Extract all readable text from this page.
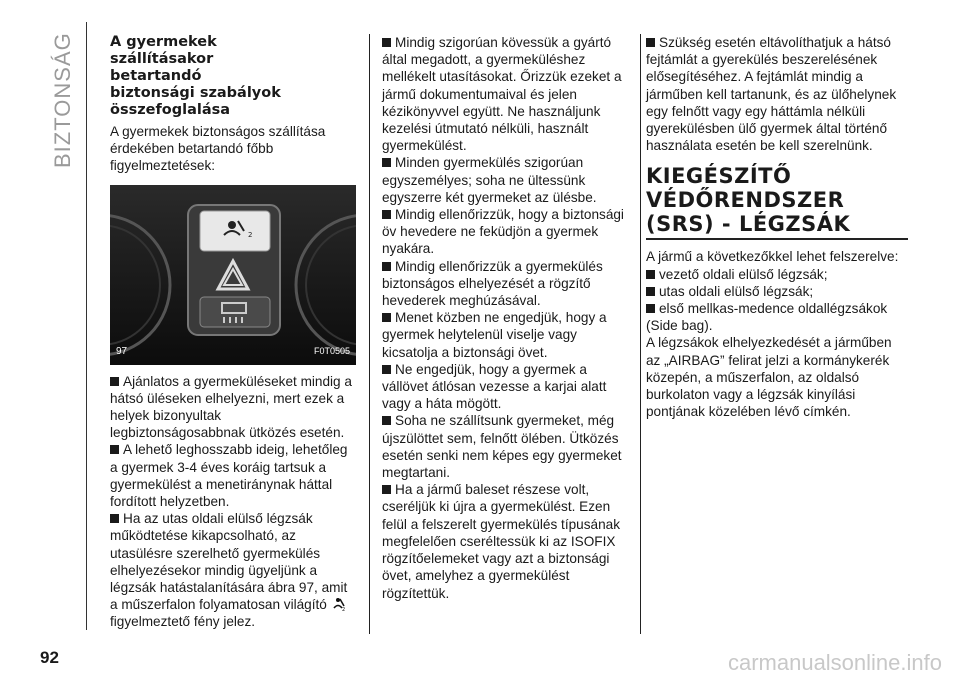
BIZTONSÁG A gyermekek
szállításakor
betartandó
biztonsági szabályok
összefoglalása

A gyermekek biztonságos szállítása érdekében betartandó főbb figyelmeztetések:

2
97	F0T0505

Ajánlatos a gyermeküléseket mindig a hátsó üléseken elhelyezni, mert ezek a helyek bizonyultak legbiztonságosabbnak ütközés esetén.

A lehető leghosszabb ideig, lehetőleg a gyermek 3-4 éves koráig tartsuk a gyermekülést a menetiránynak háttal fordított helyzetben.

Ha az utas oldali elülső légzsák működtetése kikapcsolható, az utasülésre szerelhető gyermekülés elhelyezésekor mindig ügyeljünk a légzsák hatástalanítására ábra 97, amit a műszerfalon folyamatosan világító	2
figyelmeztető fény jelez.

Mindig szigorúan kövessük a gyártó által megadott, a gyermeküléshez mellékelt utasításokat. Őrizzük ezeket a jármű dokumentumaival és jelen kézikönyvvel együtt. Ne használjunk kezelési útmutató nélküli, használt gyermekülést.

Minden gyermekülés szigorúan egyszemélyes; soha ne ültessünk egyszerre két gyermeket az ülésbe.

Mindig ellenőrizzük, hogy a biztonsági öv hevedere ne feküdjön a gyermek nyakára.

Mindig ellenőrizzük a gyermekülés biztonságos elhelyezését a rögzítő hevederek meghúzásával.

Menet közben ne engedjük, hogy a gyermek helytelenül viselje vagy kicsatolja a biztonsági övet.

Ne engedjük, hogy a gyermek a vállövet átlósan vezesse a karjai alatt vagy a háta mögött.

Soha ne szállítsunk gyermeket, még újszülöttet sem, felnőtt ölében. Ütközés esetén senki nem képes egy gyermeket megtartani.

Ha a jármű baleset részese volt, cseréljük ki újra a gyermekülést. Ezen felül a felszerelt gyermekülés típusának megfelelően cseréltessük ki az ISOFIX rögzítőelemeket vagy azt a biztonsági övet, amelyhez a gyermekülést rögzítettük.

Szükség esetén eltávolíthatjuk a hátsó fejtámlát a gyerekülés beszerelésének elősegítéséhez. A fejtámlát mindig a járműben kell tartanunk, és az ülőhelynek egy felnőtt vagy egy háttámla nélküli gyerekülésben ülő gyermek által történő használata esetén be kell szerelnünk.

KIEGÉSZÍTŐ
VÉDŐRENDSZER
(SRS) - LÉGZSÁK

A jármű a következőkkel lehet felszerelve:

vezető oldali elülső légzsák;

utas oldali elülső légzsák;

első mellkas-medence oldallégzsákok (Side bag).

A légzsákok elhelyezkedését a járműben az „AIRBAG” felirat jelzi a kormánykerék közepén, a műszerfalon, az oldalsó burkolaton vagy a légzsák kinyílási pontjának közelében lévő címkén.

92	carmanualsonline.info
